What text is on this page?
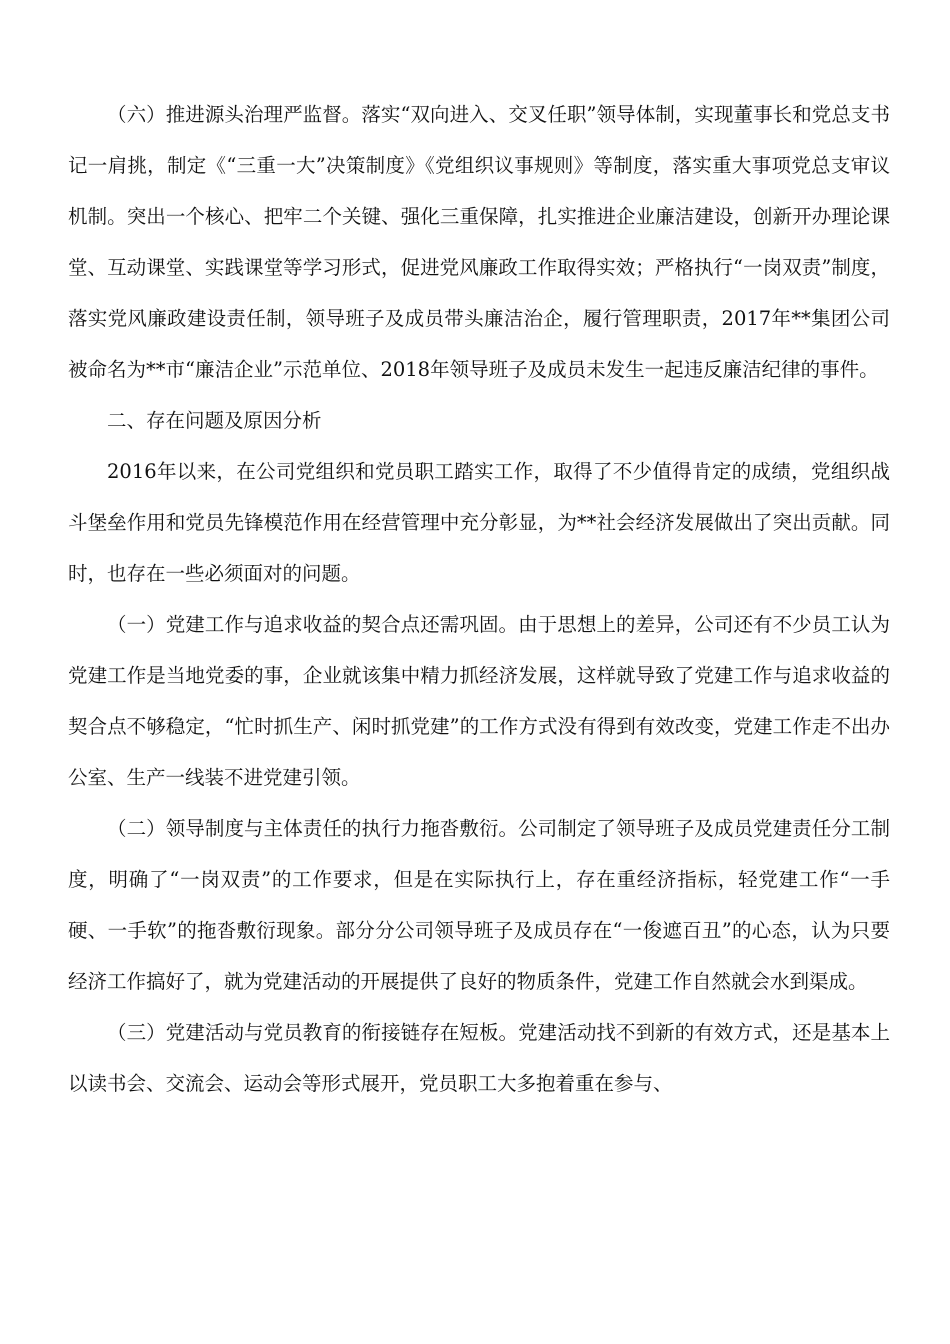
（六）推进源头治理严监督。落实“双向进入、交叉任职”领导体制，实现董事长和党总支书记一肩挑，制定《“三重一大”决策制度》《党组织议事规则》等制度，落实重大事项党总支审议机制。突出一个核心、把牢二个关键、强化三重保障，扎实推进企业廉洁建设，创新开办理论课堂、互动课堂、实践课堂等学习形式，促进党风廉政工作取得实效；严格执行“一岗双责”制度，落实党风廉政建设责任制，领导班子及成员带头廉洁治企，履行管理职责，2017年**集团公司被命名为**市“廉洁企业”示范单位、2018年领导班子及成员未发生一起违反廉洁纪律的事件。

二、存在问题及原因分析

2016年以来，在公司党组织和党员职工踏实工作，取得了不少值得肯定的成绩，党组织战斗堡垒作用和党员先锋模范作用在经营管理中充分彰显，为**社会经济发展做出了突出贡献。同时，也存在一些必须面对的问题。

（一）党建工作与追求收益的契合点还需巩固。由于思想上的差异，公司还有不少员工认为党建工作是当地党委的事，企业就该集中精力抓经济发展，这样就导致了党建工作与追求收益的契合点不够稳定，“忙时抓生产、闲时抓党建”的工作方式没有得到有效改变，党建工作走不出办公室、生产一线装不进党建引领。

（二）领导制度与主体责任的执行力拖沓敷衍。公司制定了领导班子及成员党建责任分工制度，明确了“一岗双责”的工作要求，但是在实际执行上，存在重经济指标，轻党建工作“一手硬、一手软”的拖沓敷衍现象。部分分公司领导班子及成员存在“一俊遮百丑”的心态，认为只要经济工作搞好了，就为党建活动的开展提供了良好的物质条件，党建工作自然就会水到渠成。

（三）党建活动与党员教育的衔接链存在短板。党建活动找不到新的有效方式，还是基本上以读书会、交流会、运动会等形式展开，党员职工大多抱着重在参与、
